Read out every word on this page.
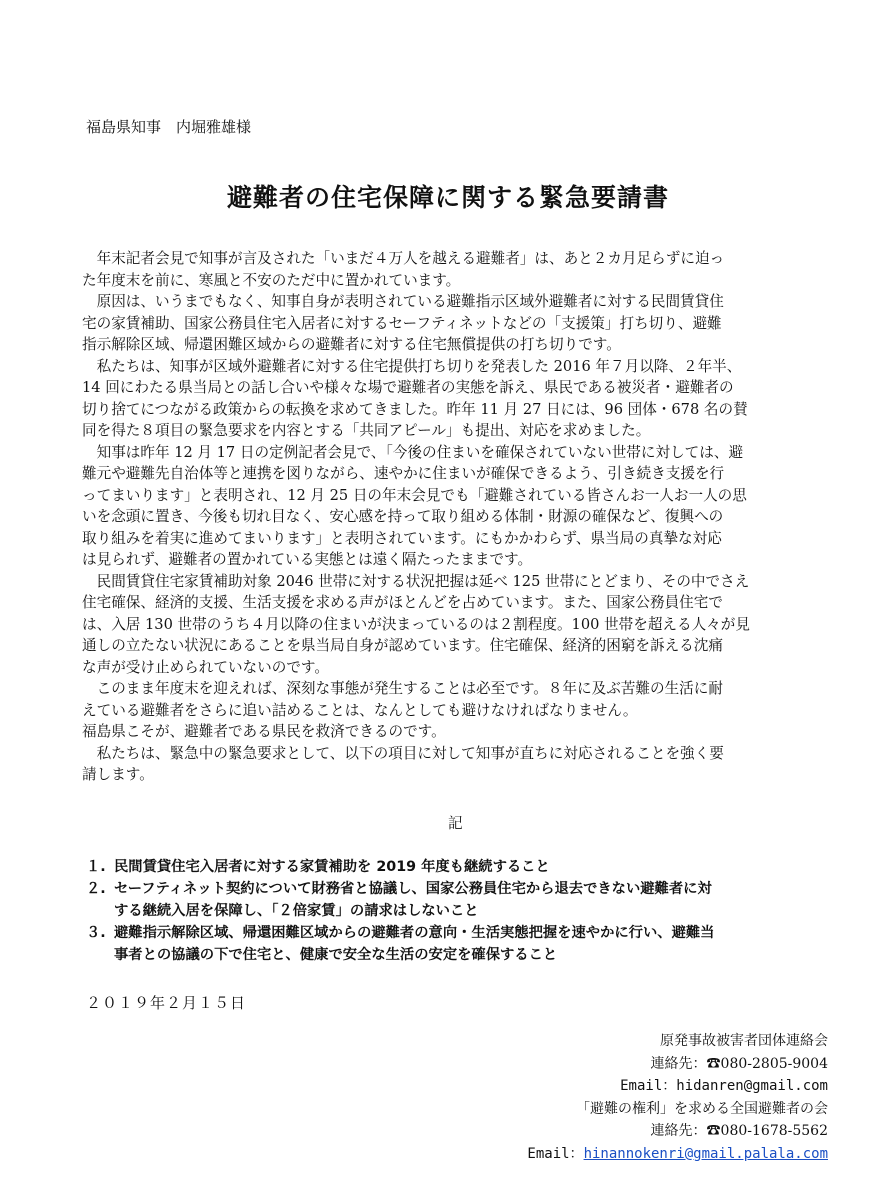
福島県知事　内堀雅雄様
避難者の住宅保障に関する緊急要請書

　年末記者会見で知事が言及された「いまだ４万人を越える避難者」は、あと２カ月足らずに迫っ

た年度末を前に、寒風と不安のただ中に置かれています。

　原因は、いうまでもなく、知事自身が表明されている避難指示区域外避難者に対する民間賃貸住

宅の家賃補助、国家公務員住宅入居者に対するセーフティネットなどの「支援策」打ち切り、避難

指示解除区域、帰還困難区域からの避難者に対する住宅無償提供の打ち切りです。

　私たちは、知事が区域外避難者に対する住宅提供打ち切りを発表した 2016 年７月以降、２年半、

14 回にわたる県当局との話し合いや様々な場で避難者の実態を訴え、県民である被災者・避難者の

切り捨てにつながる政策からの転換を求めてきました。昨年 11 月 27 日には、96 団体・678 名の賛

同を得た８項目の緊急要求を内容とする「共同アピール」も提出、対応を求めました。

　知事は昨年 12 月 17 日の定例記者会見で、「今後の住まいを確保されていない世帯に対しては、避

難元や避難先自治体等と連携を図りながら、速やかに住まいが確保できるよう、引き続き支援を行

ってまいります」と表明され、12 月 25 日の年末会見でも「避難されている皆さんお一人お一人の思

いを念頭に置き、今後も切れ目なく、安心感を持って取り組める体制・財源の確保など、復興への

取り組みを着実に進めてまいります」と表明されています。にもかかわらず、県当局の真摯な対応

は見られず、避難者の置かれている実態とは遠く隔たったままです。

　民間賃貸住宅家賃補助対象 2046 世帯に対する状況把握は延べ 125 世帯にとどまり、その中でさえ

住宅確保、経済的支援、生活支援を求める声がほとんどを占めています。また、国家公務員住宅で

は、入居 130 世帯のうち４月以降の住まいが決まっているのは２割程度。100 世帯を超える人々が見

通しの立たない状況にあることを県当局自身が認めています。住宅確保、経済的困窮を訴える沈痛

な声が受け止められていないのです。

　このまま年度末を迎えれば、深刻な事態が発生することは必至です。８年に及ぶ苦難の生活に耐

えている避難者をさらに追い詰めることは、なんとしても避けなければなりません。

福島県こそが、避難者である県民を救済できるのです。

　私たちは、緊急中の緊急要求として、以下の項目に対して知事が直ちに対応されることを強く要

請します。

記
１. 民間賃貸住宅入居者に対する家賃補助を 2019 年度も継続すること
２. セーフティネット契約について財務省と協議し、国家公務員住宅から退去できない避難者に対
する継続入居を保障し、「２倍家賃」の請求はしないこと
３. 避難指示解除区域、帰還困難区域からの避難者の意向・生活実態把握を速やかに行い、避難当
事者との協議の下で住宅と、健康で安全な生活の安定を確保すること
２０１９年２月１５日
原発事故被害者団体連絡会
連絡先：☎080-2805-9004
Email：hidanren@gmail.com
「避難の権利」を求める全国避難者の会
連絡先：☎080-1678-5562
Email：hinannokenri@gmail.palala.com
